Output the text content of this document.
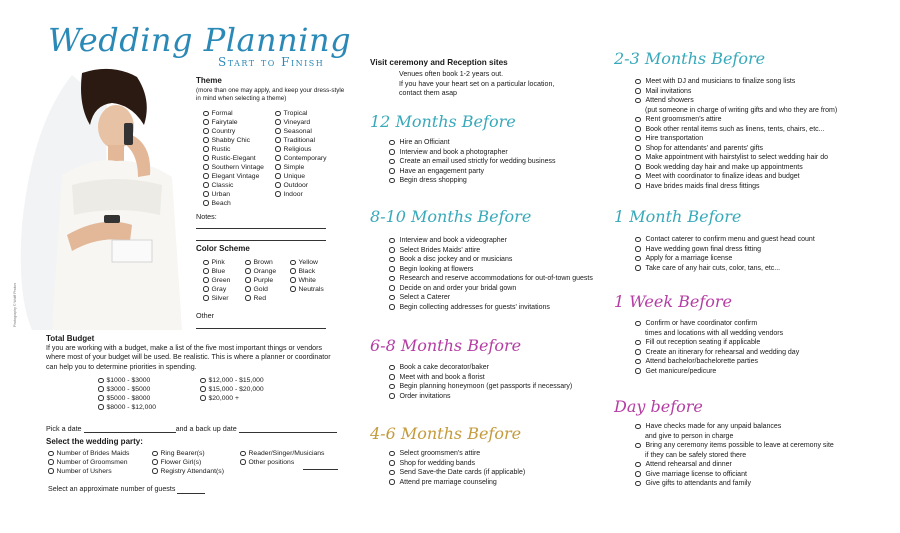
Wedding Planning
Start to Finish
Photography © Wolff Photos
Theme
(more than one may apply, and keep your dress-style in mind when selecting a theme)
Formal
Fairytale
Country
Shabby Chic
Rustic
Rustic-Elegant
Southern Vintage
Elegant Vintage
Classic
Urban
Beach
Tropical
Vineyard
Seasonal
Traditional
Religious
Contemporary
Simple
Unique
Outdoor
Indoor
Notes:
Color Scheme
Pink
Blue
Green
Gray
Silver
Brown
Orange
Purple
Gold
Red
Yellow
Black
White
Neutrals
Other
Total Budget
If you are working with a budget, make a list of the five most important things or vendors where most of your budget will be used. Be realistic. This is where a planner or coordinator can help you to determine priorities in spending.
$1000 - $3000
$3000 - $5000
$5000 - $8000
$8000 - $12,000
$12,000 - $15,000
$15,000 - $20,000
$20,000 +
Pick a date	and a back up date
Select the wedding party:
Number of Brides Maids
Number of Groomsmen
Number of Ushers
Ring Bearer(s)
Flower Girl(s)
Registry Attendant(s)
Reader/Singer/Musicians
Other positions
Select an approximate number of guests
Visit ceremony and Reception sites
Venues often book 1-2 years out.
If you have your heart set on a particular location,
contact them asap
12 Months Before
Hire an Officiant
Interview and book a photographer
Create an email used strictly for wedding business
Have an engagement party
Begin dress shopping
8-10 Months Before
Interview and book a videographer
Select Brides Maids' attire
Book a disc jockey and or musicians
Begin looking at flowers
Research and reserve accommodations for out-of-town guests
Decide on and order your bridal gown
Select a Caterer
Begin collecting addresses for guests' invitations
6-8 Months Before
Book a cake decorator/baker
Meet with and book a florist
Begin planning honeymoon (get passports if necessary)
Order invitations
4-6 Months Before
Select groomsmen's attire
Shop for wedding bands
Send Save-the Date cards (if applicable)
Attend pre marriage counseling
2-3 Months Before
Meet with DJ and musicians to finalize song lists
Mail invitations
Attend showers
(put someone in charge of writing gifts and who they are from)
Rent groomsmen's attire
Book other rental items such as linens, tents, chairs, etc...
Hire transportation
Shop for attendants' and parents' gifts
Make appointment with hairstylist to select wedding hair do
Book wedding day hair and make up appointments
Meet with coordinator to finalize ideas and budget
Have brides maids final dress fittings
1 Month Before
Contact caterer to confirm menu and guest head count
Have wedding gown final dress fitting
Apply for a marriage license
Take care of any hair cuts, color, tans, etc...
1 Week Before
Confirm or have coordinator confirm
times and locations with all wedding vendors
Fill out reception seating if applicable
Create an itinerary for rehearsal and wedding day
Attend bachelor/bachelorette parties
Get manicure/pedicure
Day before
Have checks made for any unpaid balances
and give to person in charge
Bring any ceremony items possible to leave at ceremony site
if they can be safely stored there
Attend rehearsal and dinner
Give marriage license to officiant
Give gifts to attendants and family
